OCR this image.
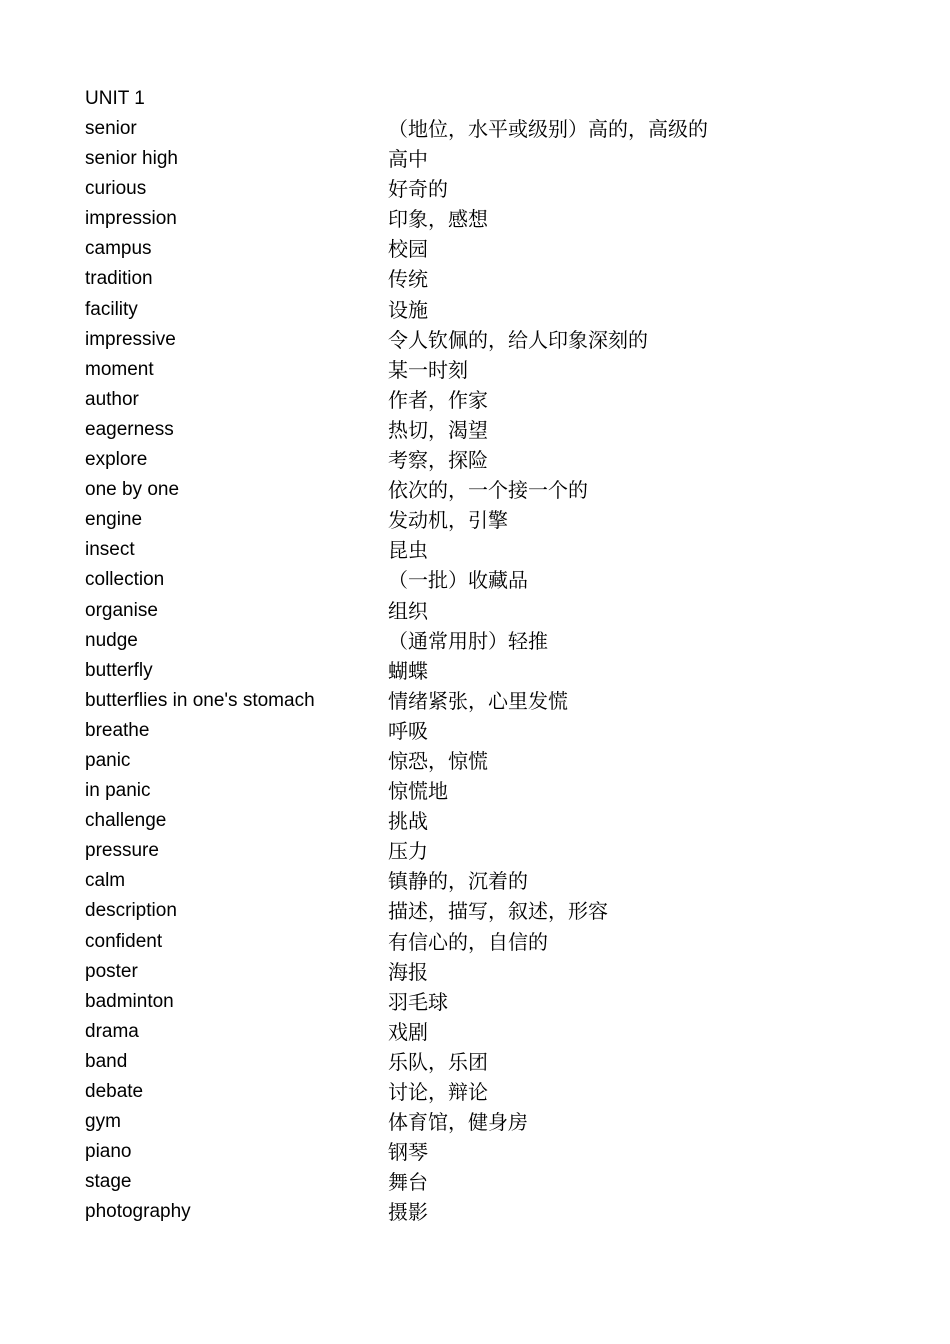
UNIT 1
senior	（地位，水平或级别）高的，高级的
senior high	高中
curious	好奇的
impression	印象，感想
campus	校园
tradition	传统
facility	设施
impressive	令人钦佩的，给人印象深刻的
moment	某一时刻
author	作者，作家
eagerness	热切，渴望
explore	考察，探险
one by one	依次的，一个接一个的
engine	发动机，引擎
insect	昆虫
collection	（一批）收藏品
organise	组织
nudge	（通常用肘）轻推
butterfly	蝴蝶
butterflies in one's stomach	情绪紧张，心里发慌
breathe	呼吸
panic	惊恐，惊慌
in panic	惊慌地
challenge	挑战
pressure	压力
calm	镇静的，沉着的
description	描述，描写，叙述，形容
confident	有信心的，自信的
poster	海报
badminton	羽毛球
drama	戏剧
band	乐队，乐团
debate	讨论，辩论
gym	体育馆，健身房
piano	钢琴
stage	舞台
photography	摄影
